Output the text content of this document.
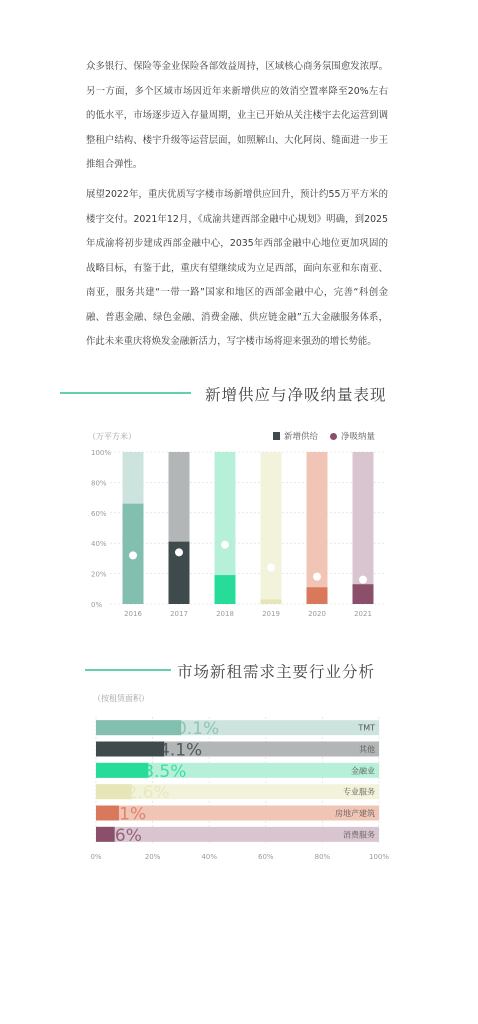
众多银行、保险等金业保险各部效益周持，区域核心商务氛围愈发浓厚。另一方面，多个区域市场因近年来新增供应的效消空置率降至20%左右的低水平，市场逐步迈入存量周期，业主已开始从关注楼宇去化运营到调整租户结构、楼宇升级等运营层面，如照解山、大化阿岗、缝面进一步王推组合弹性。

展望2022年，重庆优质写字楼市场新增供应回升，预计约55万平方米的楼宇交付。2021年12月，《成渝共建西部金融中心规划》明确，到2025年成渝将初步建成西部金融中心，2035年西部金融中心地位更加巩固的战略目标，有鉴于此，重庆有望继续成为立足西部，面向东亚和东南亚、南亚，服务共建“一带一路”国家和地区的西部金融中心，完善“科创金融、普惠金融、绿色金融、消费金融、供应链金融”五大金融服务体系，作此未来重庆将焕发金融新活力，写字楼市场将迎来强劲的增长势能。

新增供应与净吸纳量表现
（万平方米）	新增供给	净吸纳量
0%
20%
40%
60%
80%
100%
2016	2017	2018	2019	2020	2021
市场新租需求主要行业分析
（按租赁面积）
0%	20%	40%	60%	80%	100%
30.1%	TMT
24.1%	其他
18.5%	金融业
12.6%	专业服务
8.1%	房地产建筑
6.6%	消费服务
